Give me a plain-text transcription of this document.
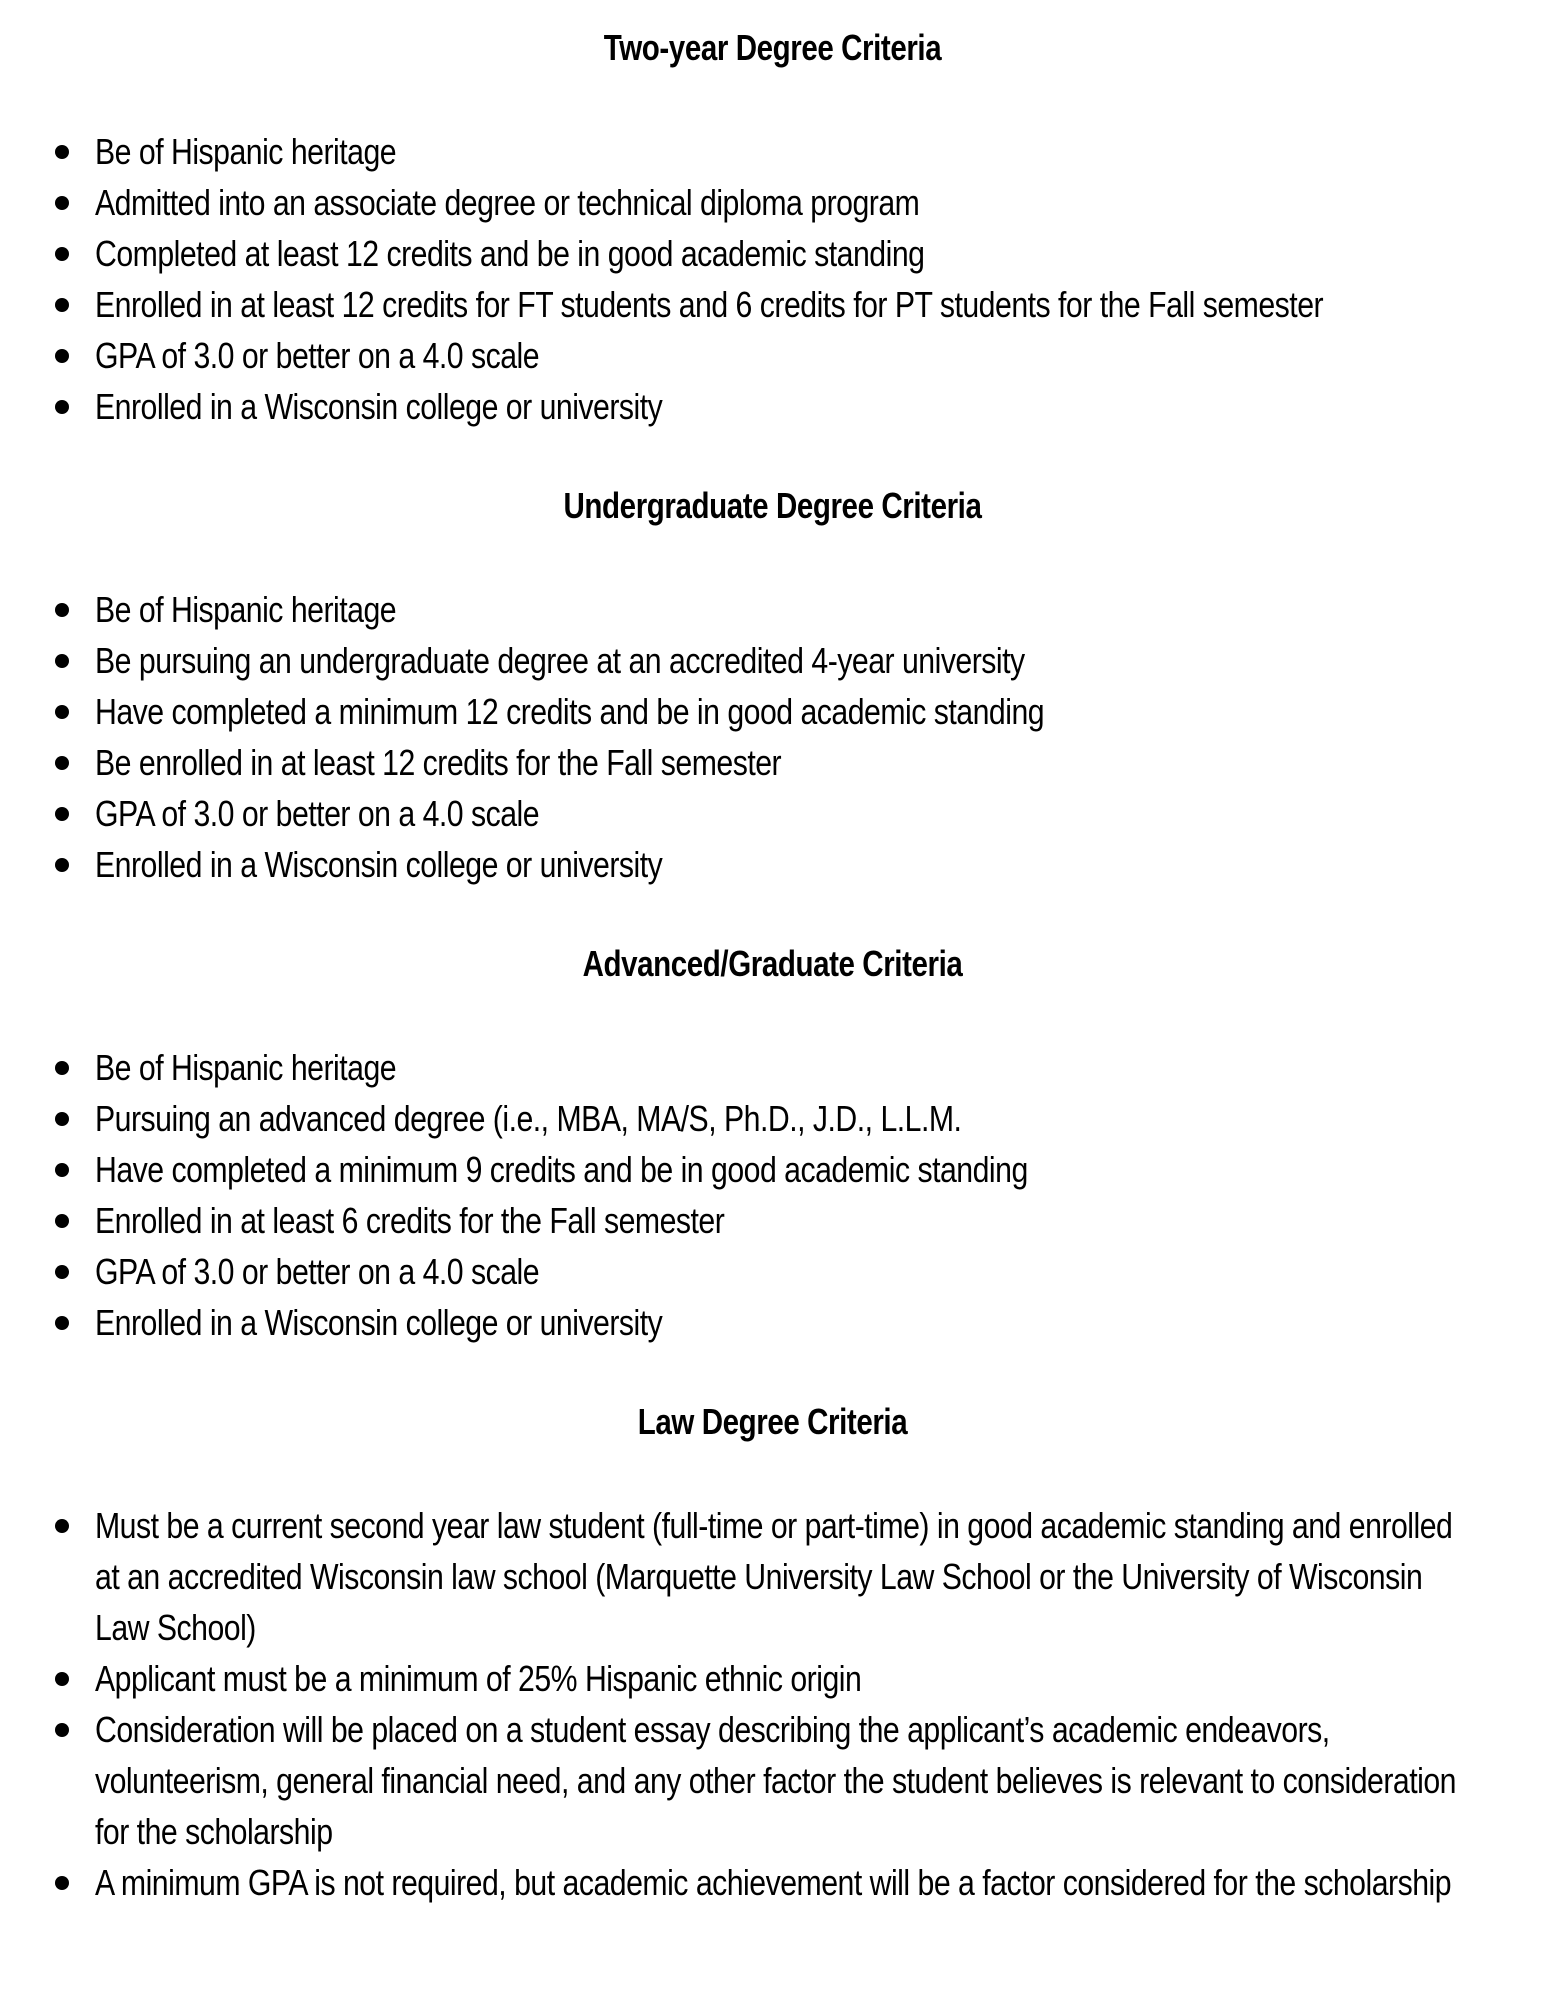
Two-year Degree Criteria
Be of Hispanic heritage
Admitted into an associate degree or technical diploma program
Completed at least 12 credits and be in good academic standing
Enrolled in at least 12 credits for FT students and 6 credits for PT students for the Fall semester
GPA of 3.0 or better on a 4.0 scale
Enrolled in a Wisconsin college or university
Undergraduate Degree Criteria
Be of Hispanic heritage
Be pursuing an undergraduate degree at an accredited 4-year university
Have completed a minimum 12 credits and be in good academic standing
Be enrolled in at least 12 credits for the Fall semester
GPA of 3.0 or better on a 4.0 scale
Enrolled in a Wisconsin college or university
Advanced/Graduate Criteria
Be of Hispanic heritage
Pursuing an advanced degree (i.e., MBA, MA/S, Ph.D., J.D., L.L.M.
Have completed a minimum 9 credits and be in good academic standing
Enrolled in at least 6 credits for the Fall semester
GPA of 3.0 or better on a 4.0 scale
Enrolled in a Wisconsin college or university
Law Degree Criteria
Must be a current second year law student (full-time or part-time) in good academic standing and enrolled at an accredited Wisconsin law school (Marquette University Law School or the University of Wisconsin Law School)
Applicant must be a minimum of 25% Hispanic ethnic origin
Consideration will be placed on a student essay describing the applicant’s academic endeavors, volunteerism, general financial need, and any other factor the student believes is relevant to consideration for the scholarship
A minimum GPA is not required, but academic achievement will be a factor considered for the scholarship
